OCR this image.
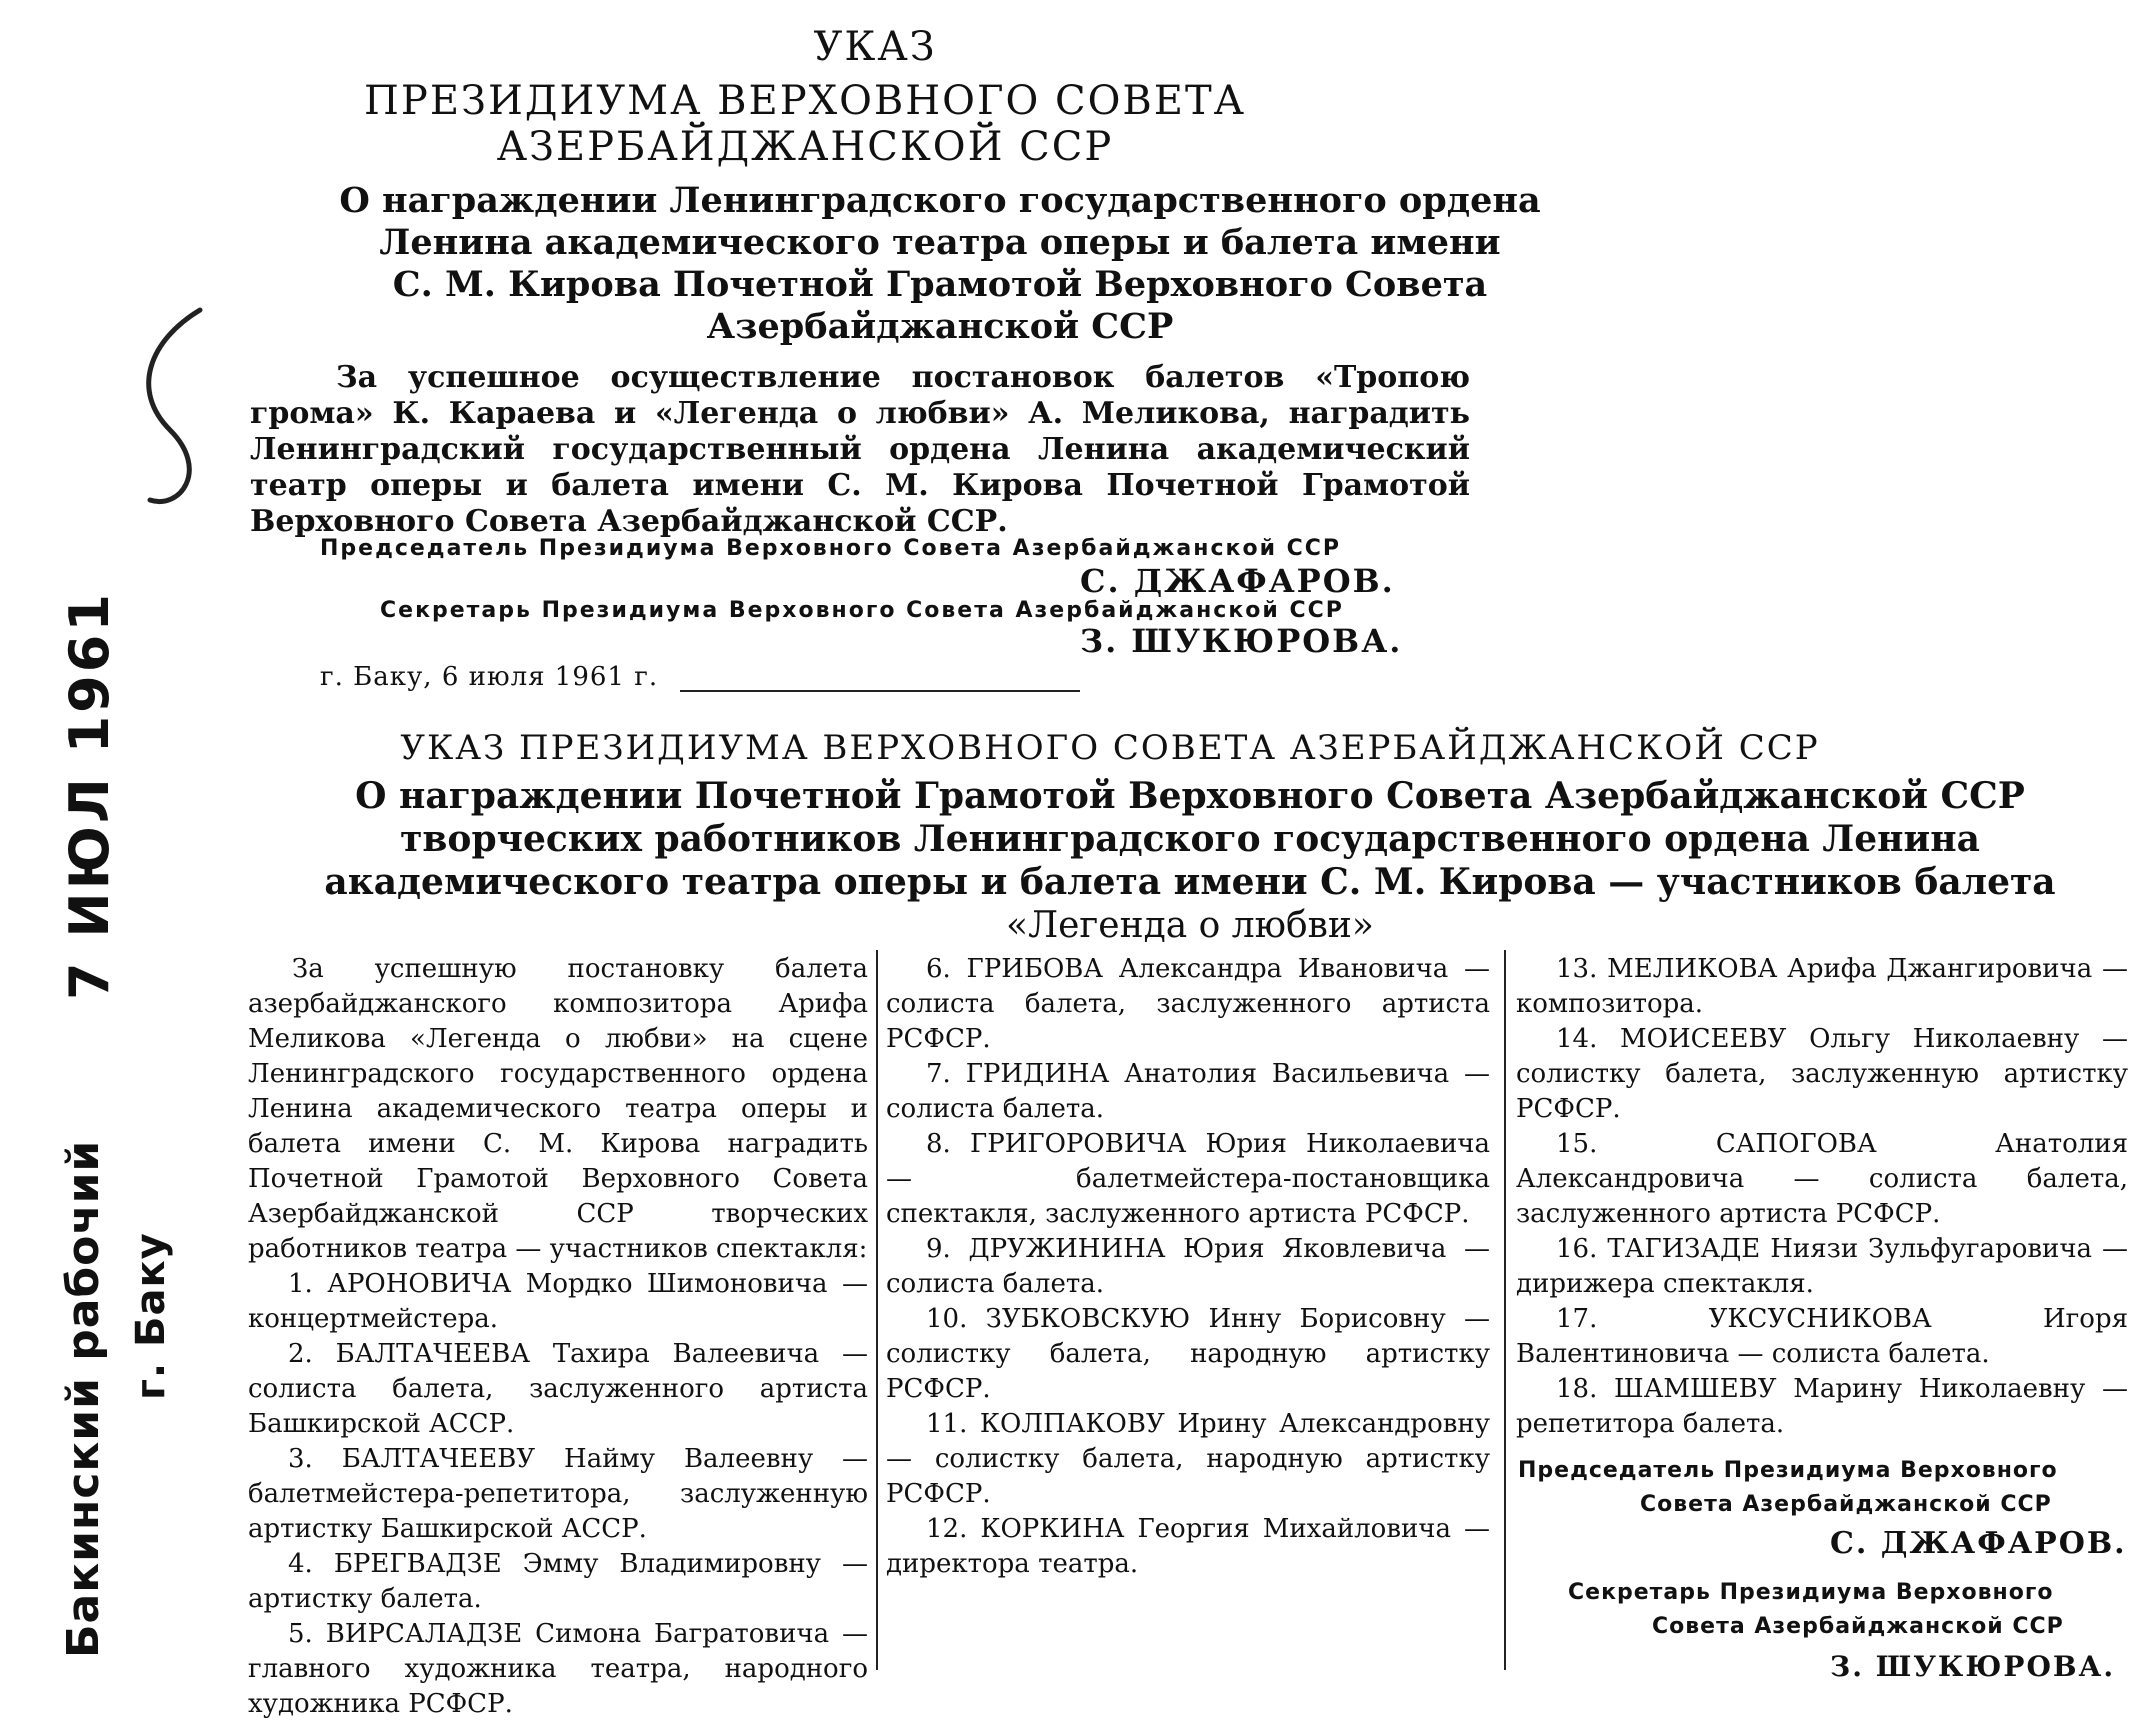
УКАЗ
ПРЕЗИДИУМА ВЕРХОВНОГО СОВЕТА
АЗЕРБАЙДЖАНСКОЙ ССР
О награждении Ленинградского государственного ордена
Ленина академического театра оперы и балета имени
С. М. Кирова Почетной Грамотой Верховного Совета
Азербайджанской ССР
За успешное осуществление постановок балетов «Тропою грома» К. Караева и «Легенда о любви» А. Меликова, наградить Ленинградский государственный ордена Ленина академический театр оперы и балета имени С. М. Кирова Почетной Грамотой Верховного Совета Азербайджанской ССР.
Председатель Президиума Верховного Совета Азербайджанской ССР
С. ДЖАФАРОВ.
Секретарь Президиума Верховного Совета Азербайджанской ССР
З. ШУКЮРОВА.
г. Баку, 6 июля 1961 г.
УКАЗ ПРЕЗИДИУМА ВЕРХОВНОГО СОВЕТА АЗЕРБАЙДЖАНСКОЙ ССР
О награждении Почетной Грамотой Верховного Совета Азербайджанской ССР
творческих работников Ленинградского государственного ордена Ленина
академического театра оперы и балета имени С. М. Кирова — участников балета
«Легенда о любви»

За успешную постановку балета азербайджанского композитора Арифа Меликова «Легенда о любви» на сцене Ленинградского государственного ордена Ленина академического театра оперы и балета имени С. М. Кирова наградить Почетной Грамотой Верховного Совета Азербайджанской ССР творческих работников театра — участников спектакля:

1. АРОНОВИЧА Мордко Шимоновича — концертмейстера.

2. БАЛТАЧЕЕВА Тахира Валеевича — солиста балета, заслуженного артиста Башкирской АССР.

3. БАЛТАЧЕЕВУ Найму Валеевну — балетмейстера-репетитора, заслуженную артистку Башкирской АССР.

4. БРЕГВАДЗЕ Эмму Владимировну — артистку балета.

5. ВИРСАЛАДЗЕ Симона Багратовича — главного художника театра, народного художника РСФСР.

6. ГРИБОВА Александра Ивановича — солиста балета, заслуженного артиста РСФСР.

7. ГРИДИНА Анатолия Васильевича — солиста балета.

8. ГРИГОРОВИЧА Юрия Николаевича — балетмейстера-постановщика спектакля, заслуженного артиста РСФСР.

9. ДРУЖИНИНА Юрия Яковлевича — солиста балета.

10. ЗУБКОВСКУЮ Инну Борисовну — солистку балета, народную артистку РСФСР.

11. КОЛПАКОВУ Ирину Александровну — солистку балета, народную артистку РСФСР.

12. КОРКИНА Георгия Михайловича — директора театра.

13. МЕЛИКОВА Арифа Джангировича — композитора.

14. МОИСЕЕВУ Ольгу Николаевну — солистку балета, заслуженную артистку РСФСР.

15. САПОГОВА Анатолия Александровича — солиста балета, заслуженного артиста РСФСР.

16. ТАГИЗАДЕ Ниязи Зульфугаровича — дирижера спектакля.

17. УКСУСНИКОВА Игоря Валентиновича — солиста балета.

18. ШАМШЕВУ Марину Николаевну — репетитора балета.

Председатель Президиума Верховного
Совета Азербайджанской ССР
С. ДЖАФАРОВ.
Секретарь Президиума Верховного
Совета Азербайджанской ССР
З. ШУКЮРОВА.
7 ИЮЛ 1961
Бакинский рабочий г. Баку
